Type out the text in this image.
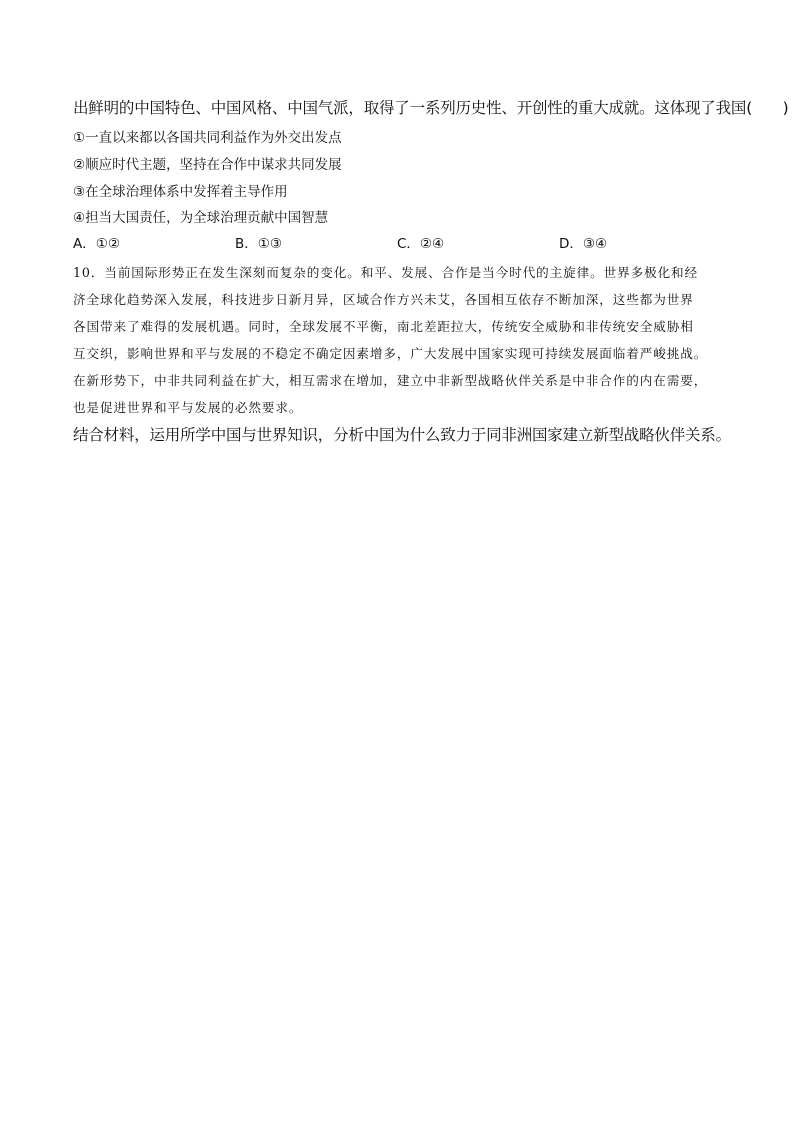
出鲜明的中国特色、中国风格、中国气派，取得了一系列历史性、开创性的重大成就。这体现了我国(　　)
①一直以来都以各国共同利益作为外交出发点
②顺应时代主题，坚持在合作中谋求共同发展
③在全球治理体系中发挥着主导作用
④担当大国责任，为全球治理贡献中国智慧
A．①②	B．①③	C．②④	D．③④
10．当前国际形势正在发生深刻而复杂的变化。和平、发展、合作是当今时代的主旋律。世界多极化和经
济全球化趋势深入发展，科技进步日新月异，区域合作方兴未艾，各国相互依存不断加深，这些都为世界
各国带来了难得的发展机遇。同时，全球发展不平衡，南北差距拉大，传统安全威胁和非传统安全威胁相
互交织，影响世界和平与发展的不稳定不确定因素增多，广大发展中国家实现可持续发展面临着严峻挑战。
在新形势下，中非共同利益在扩大，相互需求在增加，建立中非新型战略伙伴关系是中非合作的内在需要，
也是促进世界和平与发展的必然要求。
结合材料，运用所学中国与世界知识，分析中国为什么致力于同非洲国家建立新型战略伙伴关系。
